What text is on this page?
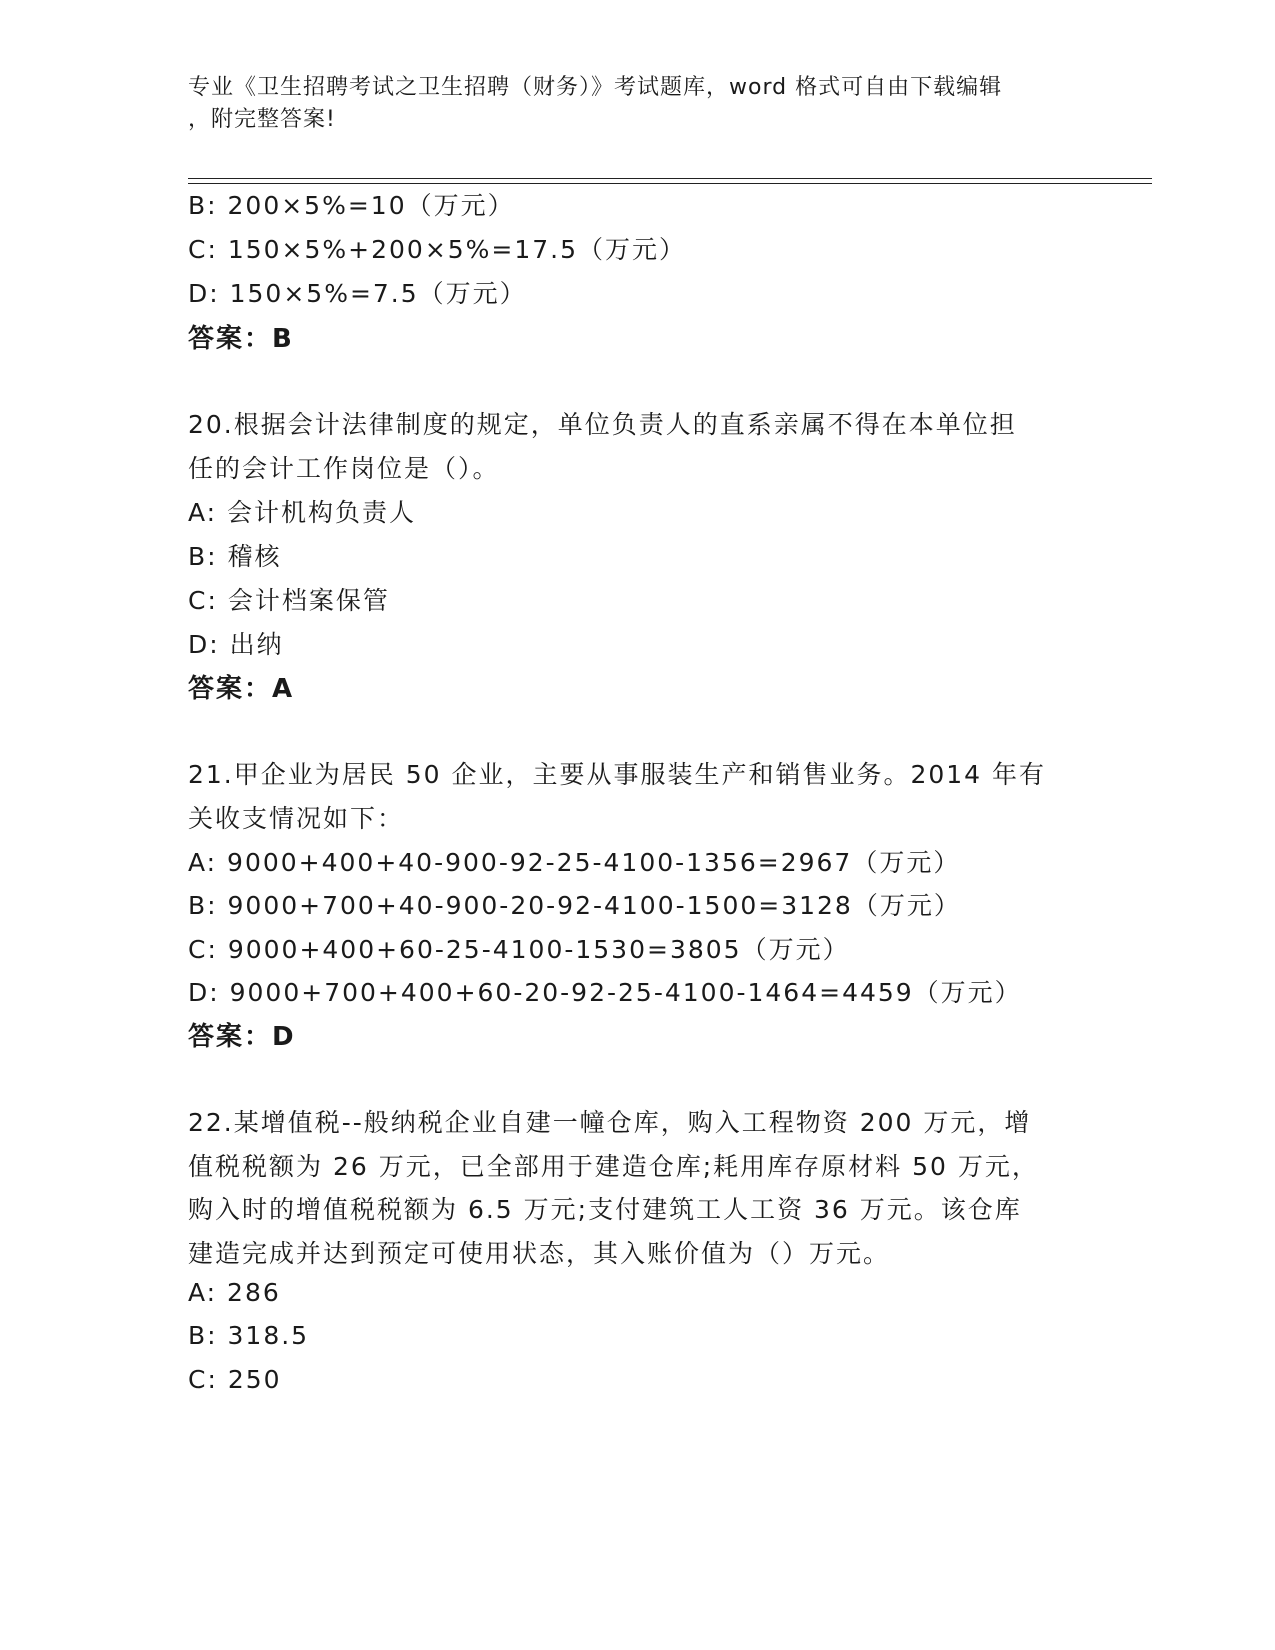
专业《卫生招聘考试之卫生招聘（财务）》考试题库，word 格式可自由下载编辑
，附完整答案!
B: 200×5%=10（万元）
C: 150×5%+200×5%=17.5（万元）
D: 150×5%=7.5（万元）
答案：B
20.根据会计法律制度的规定，单位负责人的直系亲属不得在本单位担
任的会计工作岗位是（）。
A: 会计机构负责人
B: 稽核
C: 会计档案保管
D: 出纳
答案：A
21.甲企业为居民 50 企业，主要从事服装生产和销售业务。2014 年有
关收支情况如下：
A: 9000+400+40-900-92-25-4100-1356=2967（万元）
B: 9000+700+40-900-20-92-4100-1500=3128（万元）
C: 9000+400+60-25-4100-1530=3805（万元）
D: 9000+700+400+60-20-92-25-4100-1464=4459（万元）
答案：D
22.某增值税--般纳税企业自建一幢仓库，购入工程物资 200 万元，增
值税税额为 26 万元，已全部用于建造仓库;耗用库存原材料 50 万元，
购入时的增值税税额为 6.5 万元;支付建筑工人工资 36 万元。该仓库
建造完成并达到预定可使用状态，其入账价值为（）万元。
A: 286
B: 318.5
C: 250
